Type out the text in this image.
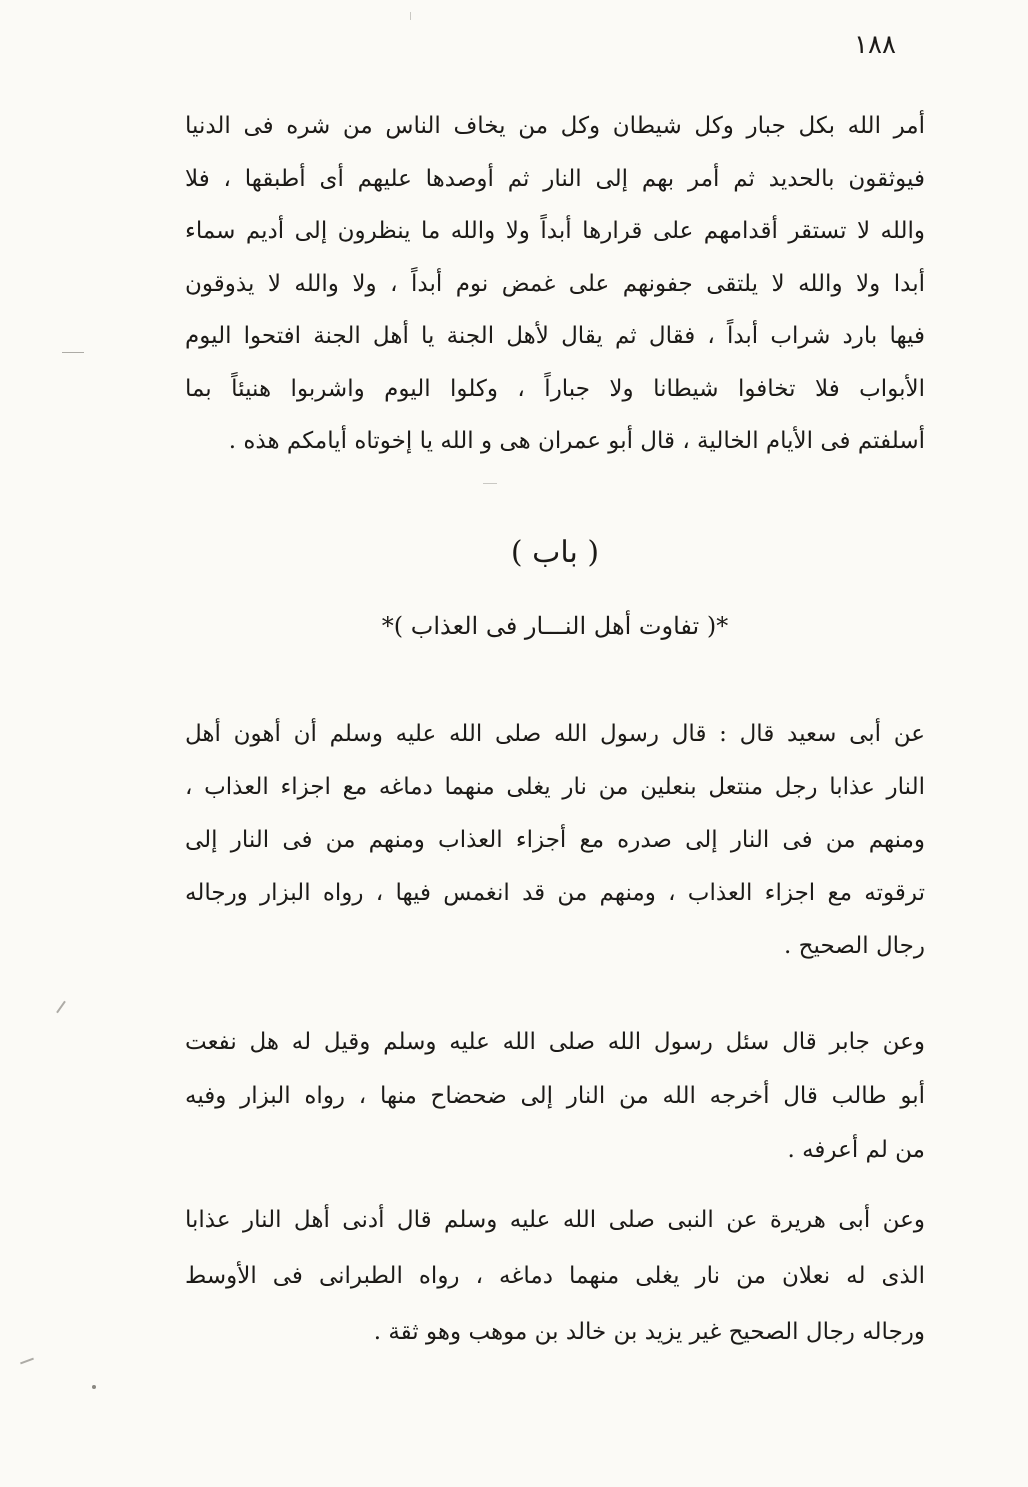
١٨٨
أمر الله بكل جبار وكل شيطان وكل من يخاف الناس من شره فى الدنيا
فيوثقون بالحديد ثم أمر بهم إلى النار ثم أوصدها عليهم أى أطبقها ، فلا
والله لا تستقر أقدامهم على قرارها أبداً ولا والله ما ينظرون إلى أديم سماء
أبدا ولا والله لا يلتقى جفونهم على غمض نوم أبداً ، ولا والله لا يذوقون
فيها بارد شراب أبداً ، فقال ثم يقال لأهل الجنة يا أهل الجنة افتحوا اليوم
الأبواب فلا تخافوا شيطانا ولا جباراً ، وكلوا اليوم واشربوا هنيئاً بما
أسلفتم فى الأيام الخالية ، قال أبو عمران هى و الله يا إخوتاه أيامكم هذه .
( باب )
*( تفاوت أهل النـــار فى العذاب )*
عن أبى سعيد قال : قال رسول الله صلى الله عليه وسلم أن أهون أهل
النار عذابا رجل منتعل بنعلين من نار يغلى منهما دماغه مع اجزاء العذاب ،
ومنهم من فى النار إلى صدره مع أجزاء العذاب ومنهم من فى النار إلى
ترقوته مع اجزاء العذاب ، ومنهم من قد انغمس فيها ، رواه البزار ورجاله
رجال الصحيح .
وعن جابر قال سئل رسول الله صلى الله عليه وسلم وقيل له هل نفعت
أبو طالب قال أخرجه الله من النار إلى ضحضاح منها ، رواه البزار وفيه
من لم أعرفه .
وعن أبى هريرة عن النبى صلى الله عليه وسلم قال أدنى أهل النار عذابا
الذى له نعلان من نار يغلى منهما دماغه ، رواه الطبرانى فى الأوسط
ورجاله رجال الصحيح غير يزيد بن خالد بن موهب وهو ثقة .
